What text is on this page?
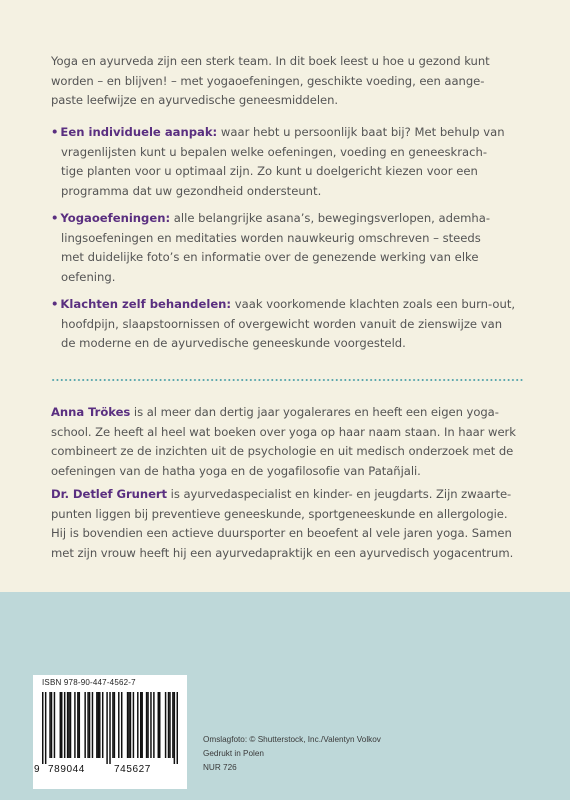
Yoga en ayurveda zijn een sterk team. In dit boek leest u hoe u gezond kunt
worden – en blijven! – met yogaoefeningen, geschikte voeding, een aange-
paste leefwijze en ayurvedische geneesmiddelen.
• Een individuele aanpak: waar hebt u persoonlijk baat bij? Met behulp van
vragenlijsten kunt u bepalen welke oefeningen, voeding en geneeskrach-
tige planten voor u optimaal zijn. Zo kunt u doelgericht kiezen voor een
programma dat uw gezondheid ondersteunt.
• Yogaoefeningen: alle belangrijke asana’s, bewegingsverlopen, ademha-
lingsoefeningen en meditaties worden nauwkeurig omschreven – steeds
met duidelijke foto’s en informatie over de genezende werking van elke
oefening.
• Klachten zelf behandelen: vaak voorkomende klachten zoals een burn-out,
hoofdpijn, slaapstoornissen of overgewicht worden vanuit de zienswijze van
de moderne en de ayurvedische geneeskunde voorgesteld.
Anna Trökes is al meer dan dertig jaar yogalerares en heeft een eigen yoga-
school. Ze heeft al heel wat boeken over yoga op haar naam staan. In haar werk
combineert ze de inzichten uit de psychologie en uit medisch onderzoek met de
oefeningen van de hatha yoga en de yogafilosofie van Patañjali.
Dr. Detlef Grunert is ayurvedaspecialist en kinder- en jeugdarts. Zijn zwaarte-
punten liggen bij preventieve geneeskunde, sportgeneeskunde en allergologie.
Hij is bovendien een actieve duursporter en beoefent al vele jaren yoga. Samen
met zijn vrouw heeft hij een ayurvedapraktijk en een ayurvedisch yogacentrum.
ISBN 978-90-447-4562-7
9 789044	745627
Omslagfoto: © Shutterstock, Inc./Valentyn Volkov
Gedrukt in Polen
NUR 726
